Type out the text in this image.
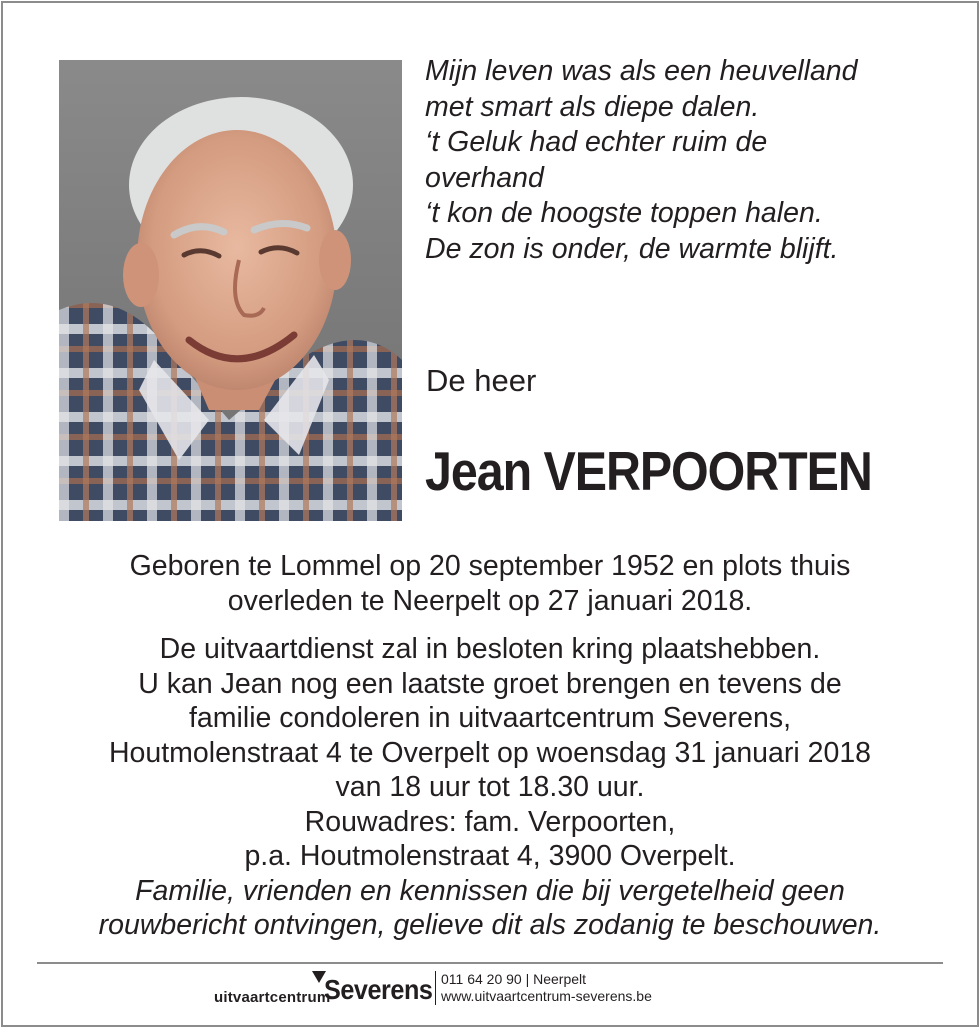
Mijn leven was als een heuvelland
met smart als diepe dalen.
‘t Geluk had echter ruim de
overhand
‘t kon de hoogste toppen halen.
De zon is onder, de warmte blijft.
De heer
Jean VERPOORTEN
Geboren te Lommel op 20 september 1952 en plots thuis
overleden te Neerpelt op 27 januari 2018.
De uitvaartdienst zal in besloten kring plaatshebben.
U kan Jean nog een laatste groet brengen en tevens de
familie condoleren in uitvaartcentrum Severens,
Houtmolenstraat 4 te Overpelt op woensdag 31 januari 2018
van 18 uur tot 18.30 uur.
Rouwadres: fam. Verpoorten,
p.a. Houtmolenstraat 4, 3900 Overpelt.
Familie, vrienden en kennissen die bij vergetelheid geen
rouwbericht ontvingen, gelieve dit als zodanig te beschouwen.
uitvaartcentrum
Severens 011 64 20 90 | Neerpelt
www.uitvaartcentrum-severens.be
